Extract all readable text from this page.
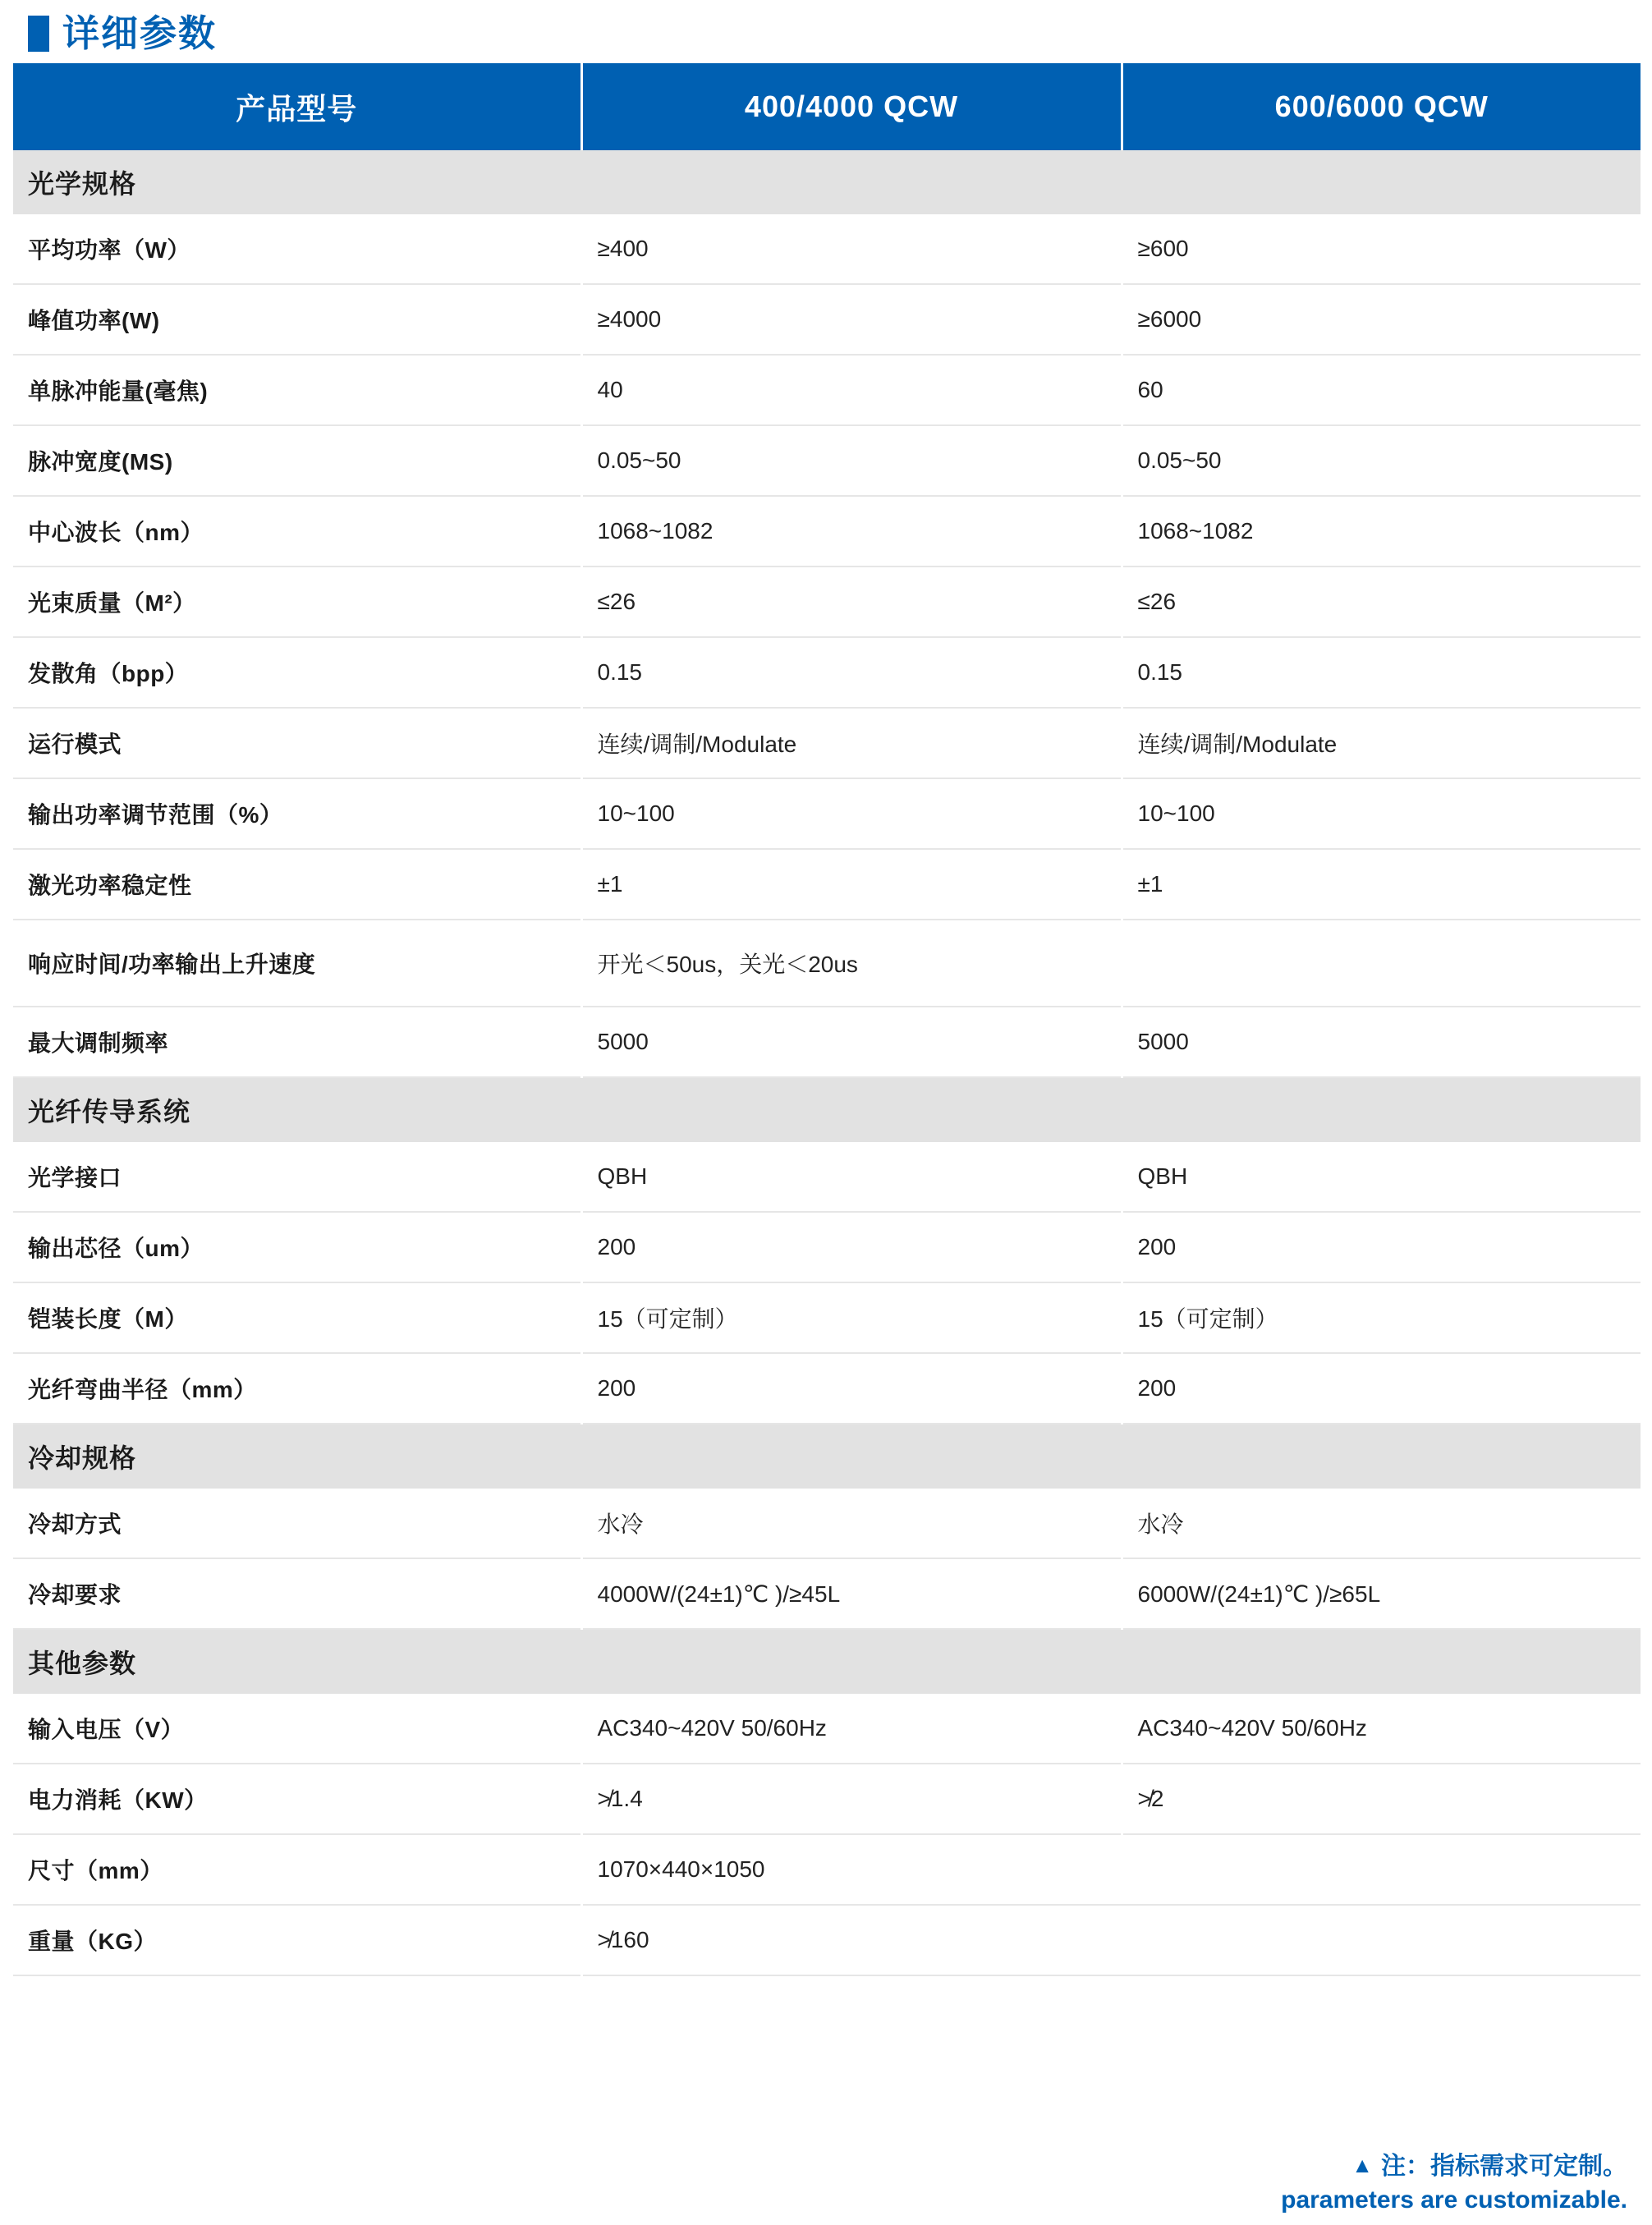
详细参数
产品型号	400/4000 QCW	600/6000 QCW
光学规格		
平均功率（W）	≥400	≥600
峰值功率(W)	≥4000	≥6000
单脉冲能量(毫焦)	40	60
脉冲宽度(MS)	0.05~50	0.05~50
中心波长（nm）	1068~1082	1068~1082
光束质量（M²）	≤26	≤26
发散角（bpp）	0.15	0.15
运行模式	连续/调制/Modulate	连续/调制/Modulate
输出功率调节范围（%）	10~100	10~100
激光功率稳定性	±1	±1
响应时间/功率输出上升速度	开光＜50us，关光＜20us	
最大调制频率	5000	5000
光纤传导系统		
光学接口	QBH	QBH
输出芯径（um）	200	200
铠装长度（M）	15（可定制）	15（可定制）
光纤弯曲半径（mm）	200	200
冷却规格		
冷却方式	水冷	水冷
冷却要求	4000W/(24±1)℃ )/≥45L	6000W/(24±1)℃ )/≥65L
其他参数		
输入电压（V）	AC340~420V 50/60Hz	AC340~420V 50/60Hz
电力消耗（KW）	≯1.4	≯2
尺寸（mm）	1070×440×1050	
重量（KG）	≯160	
▲ 注：指标需求可定制。
parameters are customizable.
